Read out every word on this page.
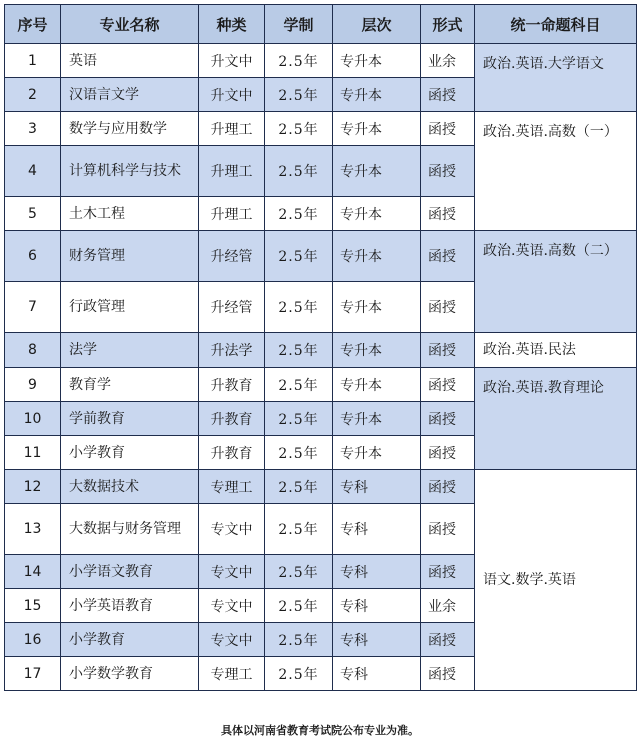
序号	专业名称	种类	学制	层次	形式	统一命题科目
1	英语	升文中	2.5年	专升本	业余	政治.英语.大学语文
2	汉语言文学	升文中	2.5年	专升本	函授	
3	数学与应用数学	升理工	2.5年	专升本	函授	政治.英语.高数（一）
4	计算机科学与技术	升理工	2.5年	专升本	函授	
5	土木工程	升理工	2.5年	专升本	函授	
6	财务管理	升经管	2.5年	专升本	函授	政治.英语.高数（二）
7	行政管理	升经管	2.5年	专升本	函授	
8	法学	升法学	2.5年	专升本	函授	政治.英语.民法
9	教育学	升教育	2.5年	专升本	函授	政治.英语.教育理论
10	学前教育	升教育	2.5年	专升本	函授	
11	小学教育	升教育	2.5年	专升本	函授	
12	大数据技术	专理工	2.5年	专科	函授	语文.数学.英语
13	大数据与财务管理	专文中	2.5年	专科	函授	
14	小学语文教育	专文中	2.5年	专科	函授	
15	小学英语教育	专文中	2.5年	专科	业余	
16	小学教育	专文中	2.5年	专科	函授	
17	小学数学教育	专理工	2.5年	专科	函授	
具体以河南省教育考试院公布专业为准。
